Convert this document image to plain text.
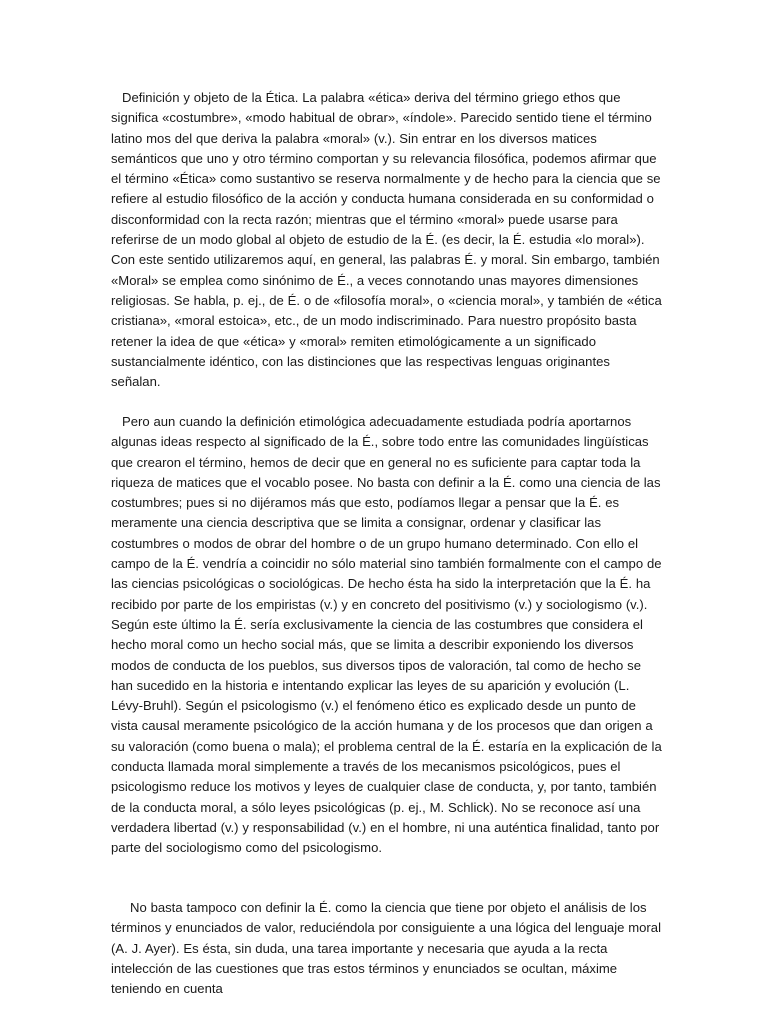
Definición y objeto de la Ética. La palabra «ética» deriva del término griego ethos que significa «costumbre», «modo habitual de obrar», «índole». Parecido sentido tiene el término latino mos del que deriva la palabra «moral» (v.). Sin entrar en los diversos matices semánticos que uno y otro término comportan y su relevancia filosófica, podemos afirmar que el término «Ética» como sustantivo se reserva normalmente y de hecho para la ciencia que se refiere al estudio filosófico de la acción y conducta humana considerada en su conformidad o disconformidad con la recta razón; mientras que el término «moral» puede usarse para referirse de un modo global al objeto de estudio de la É. (es decir, la É. estudia «lo moral»). Con este sentido utilizaremos aquí, en general, las palabras É. y moral. Sin embargo, también «Moral» se emplea como sinónimo de É., a veces connotando unas mayores dimensiones religiosas. Se habla, p. ej., de É. o de «filosofía moral», o «ciencia moral», y también de «ética cristiana», «moral estoica», etc., de un modo indiscriminado. Para nuestro propósito basta retener la idea de que «ética» y «moral» remiten etimológicamente a un significado sustancialmente idéntico, con las distinciones que las respectivas lenguas originantes señalan.

Pero aun cuando la definición etimológica adecuadamente estudiada podría aportarnos algunas ideas respecto al significado de la É., sobre todo entre las comunidades lingüísticas que crearon el término, hemos de decir que en general no es suficiente para captar toda la riqueza de matices que el vocablo posee. No basta con definir a la É. como una ciencia de las costumbres; pues si no dijéramos más que esto, podíamos llegar a pensar que la É. es meramente una ciencia descriptiva que se limita a consignar, ordenar y clasificar las costumbres o modos de obrar del hombre o de un grupo humano determinado. Con ello el campo de la É. vendría a coincidir no sólo material sino también formalmente con el campo de las ciencias psicológicas o sociológicas. De hecho ésta ha sido la interpretación que la É. ha recibido por parte de los empiristas (v.) y en concreto del positivismo (v.) y sociologismo (v.). Según este último la É. sería exclusivamente la ciencia de las costumbres que considera el hecho moral como un hecho social más, que se limita a describir exponiendo los diversos modos de conducta de los pueblos, sus diversos tipos de valoración, tal como de hecho se han sucedido en la historia e intentando explicar las leyes de su aparición y evolución (L. Lévy-Bruhl). Según el psicologismo (v.) el fenómeno ético es explicado desde un punto de vista causal meramente psicológico de la acción humana y de los procesos que dan origen a su valoración (como buena o mala); el problema central de la É. estaría en la explicación de la conducta llamada moral simplemente a través de los mecanismos psicológicos, pues el psicologismo reduce los motivos y leyes de cualquier clase de conducta, y, por tanto, también de la conducta moral, a sólo leyes psicológicas (p. ej., M. Schlick). No se reconoce así una verdadera libertad (v.) y responsabilidad (v.) en el hombre, ni una auténtica finalidad, tanto por parte del sociologismo como del psicologismo.

No basta tampoco con definir la É. como la ciencia que tiene por objeto el análisis de los términos y enunciados de valor, reduciéndola por consiguiente a una lógica del lenguaje moral (A. J. Ayer). Es ésta, sin duda, una tarea importante y necesaria que ayuda a la recta intelección de las cuestiones que tras estos términos y enunciados se ocultan, máxime teniendo en cuenta
